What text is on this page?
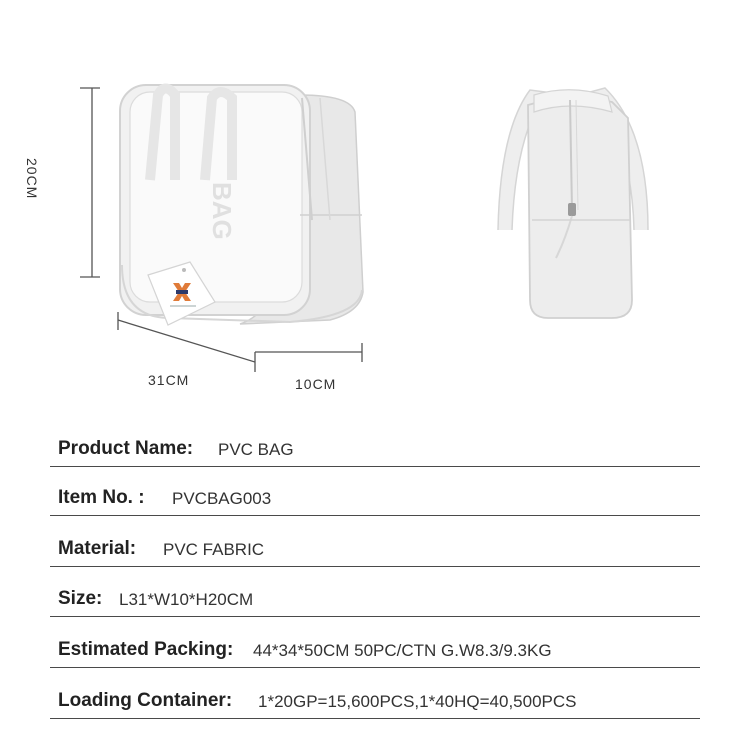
BAG
20CM
31CM	10CM
Product Name: PVC BAG
Item No. : PVCBAG003
Material: PVC FABRIC
Size: L31*W10*H20CM
Estimated Packing: 44*34*50CM 50PC/CTN G.W8.3/9.3KG
Loading Container: 1*20GP=15,600PCS,1*40HQ=40,500PCS
